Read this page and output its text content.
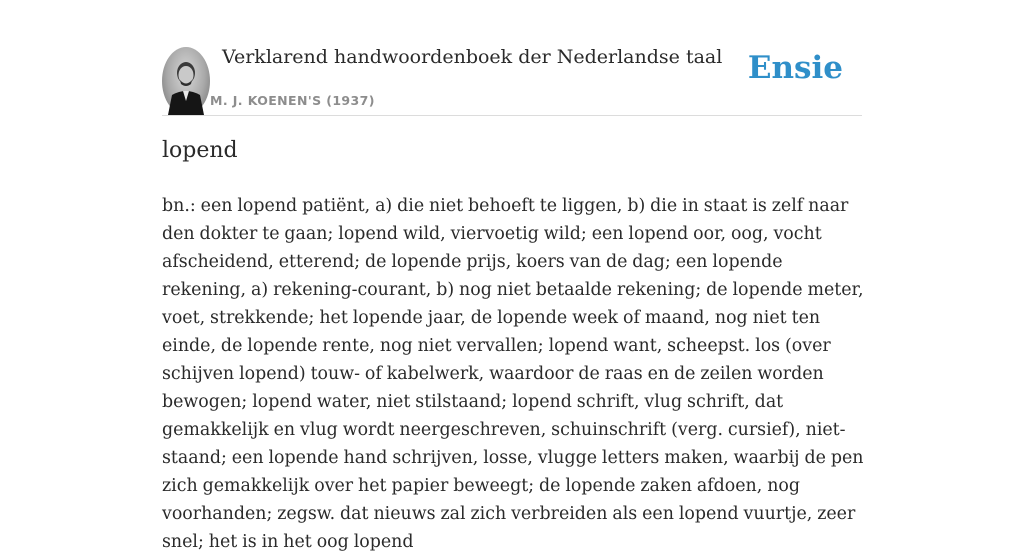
Verklarend handwoordenboek der Nederlandse taal
M. J. KOENEN'S (1937)
Ensie
lopend

bn.: een lopend patiënt, a) die niet behoeft te liggen, b) die in staat is zelf naar den dokter te gaan; lopend wild, viervoetig wild; een lopend oor, oog, vocht afscheidend, etterend; de lopende prijs, koers van de dag; een lopende rekening, a) rekening-courant, b) nog niet betaalde rekening; de lopende meter, voet, strekkende; het lopende jaar, de lopende week of maand, nog niet ten einde, de lopende rente, nog niet vervallen; lopend want, scheepst. los (over schijven lopend) touw- of kabelwerk, waardoor de raas en de zeilen worden bewogen; lopend water, niet stilstaand; lopend schrift, vlug schrift, dat gemakkelijk en vlug wordt neergeschreven, schuinschrift (verg. cursief), niet-staand; een lopende hand schrijven, losse, vlugge letters maken, waarbij de pen zich gemakkelijk over het papier beweegt; de lopende zaken afdoen, nog voorhanden; zegsw. dat nieuws zal zich verbreiden als een lopend vuurtje, zeer snel; het is in het oog lopend
